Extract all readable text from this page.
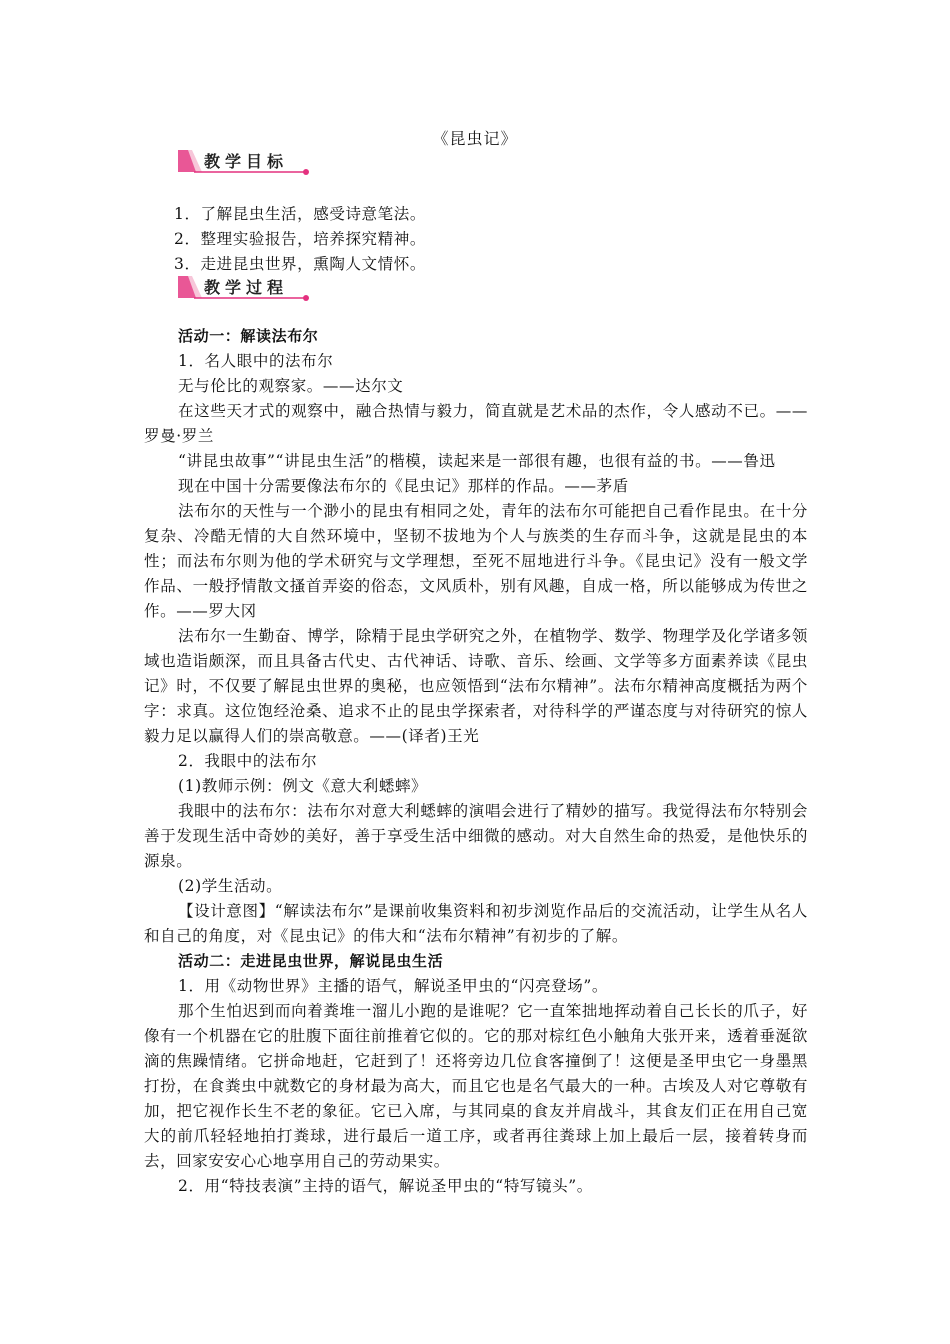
《昆虫记》
教学目标

1．了解昆虫生活，感受诗意笔法。

2．整理实验报告，培养探究精神。

3．走进昆虫世界，熏陶人文情怀。

教学过程

活动一：解读法布尔

1．名人眼中的法布尔

无与伦比的观察家。——达尔文

在这些天才式的观察中，融合热情与毅力，简直就是艺术品的杰作，令人感动不已。——罗曼·罗兰

“讲昆虫故事”“讲昆虫生活”的楷模，读起来是一部很有趣，也很有益的书。——鲁迅

现在中国十分需要像法布尔的《昆虫记》那样的作品。——茅盾

法布尔的天性与一个渺小的昆虫有相同之处，青年的法布尔可能把自己看作昆虫。在十分复杂、冷酷无情的大自然环境中，坚韧不拔地为个人与族类的生存而斗争，这就是昆虫的本性；而法布尔则为他的学术研究与文学理想，至死不屈地进行斗争。《昆虫记》没有一般文学作品、一般抒情散文搔首弄姿的俗态，文风质朴，别有风趣，自成一格，所以能够成为传世之作。——罗大冈

法布尔一生勤奋、博学，除精于昆虫学研究之外，在植物学、数学、物理学及化学诸多领域也造诣颇深，而且具备古代史、古代神话、诗歌、音乐、绘画、文学等多方面素养读《昆虫记》时，不仅要了解昆虫世界的奥秘，也应领悟到“法布尔精神”。法布尔精神高度概括为两个字：求真。这位饱经沧桑、追求不止的昆虫学探索者，对待科学的严谨态度与对待研究的惊人毅力足以赢得人们的崇高敬意。——(译者)王光

2．我眼中的法布尔

(1)教师示例：例文《意大利蟋蟀》

我眼中的法布尔：法布尔对意大利蟋蟀的演唱会进行了精妙的描写。我觉得法布尔特别会善于发现生活中奇妙的美好，善于享受生活中细微的感动。对大自然生命的热爱，是他快乐的源泉。

(2)学生活动。

【设计意图】“解读法布尔”是课前收集资料和初步浏览作品后的交流活动，让学生从名人和自己的角度，对《昆虫记》的伟大和“法布尔精神”有初步的了解。

活动二：走进昆虫世界，解说昆虫生活

1．用《动物世界》主播的语气，解说圣甲虫的“闪亮登场”。

那个生怕迟到而向着粪堆一溜儿小跑的是谁呢？它一直笨拙地挥动着自己长长的爪子，好像有一个机器在它的肚腹下面往前推着它似的。它的那对棕红色小触角大张开来，透着垂涎欲滴的焦躁情绪。它拼命地赶，它赶到了！还将旁边几位食客撞倒了！这便是圣甲虫它一身墨黑打扮，在食粪虫中就数它的身材最为高大，而且它也是名气最大的一种。古埃及人对它尊敬有加，把它视作长生不老的象征。它已入席，与其同桌的食友并肩战斗，其食友们正在用自己宽大的前爪轻轻地拍打粪球，进行最后一道工序，或者再往粪球上加上最后一层，接着转身而去，回家安安心心地享用自己的劳动果实。

2．用“特技表演”主持的语气，解说圣甲虫的“特写镜头”。
